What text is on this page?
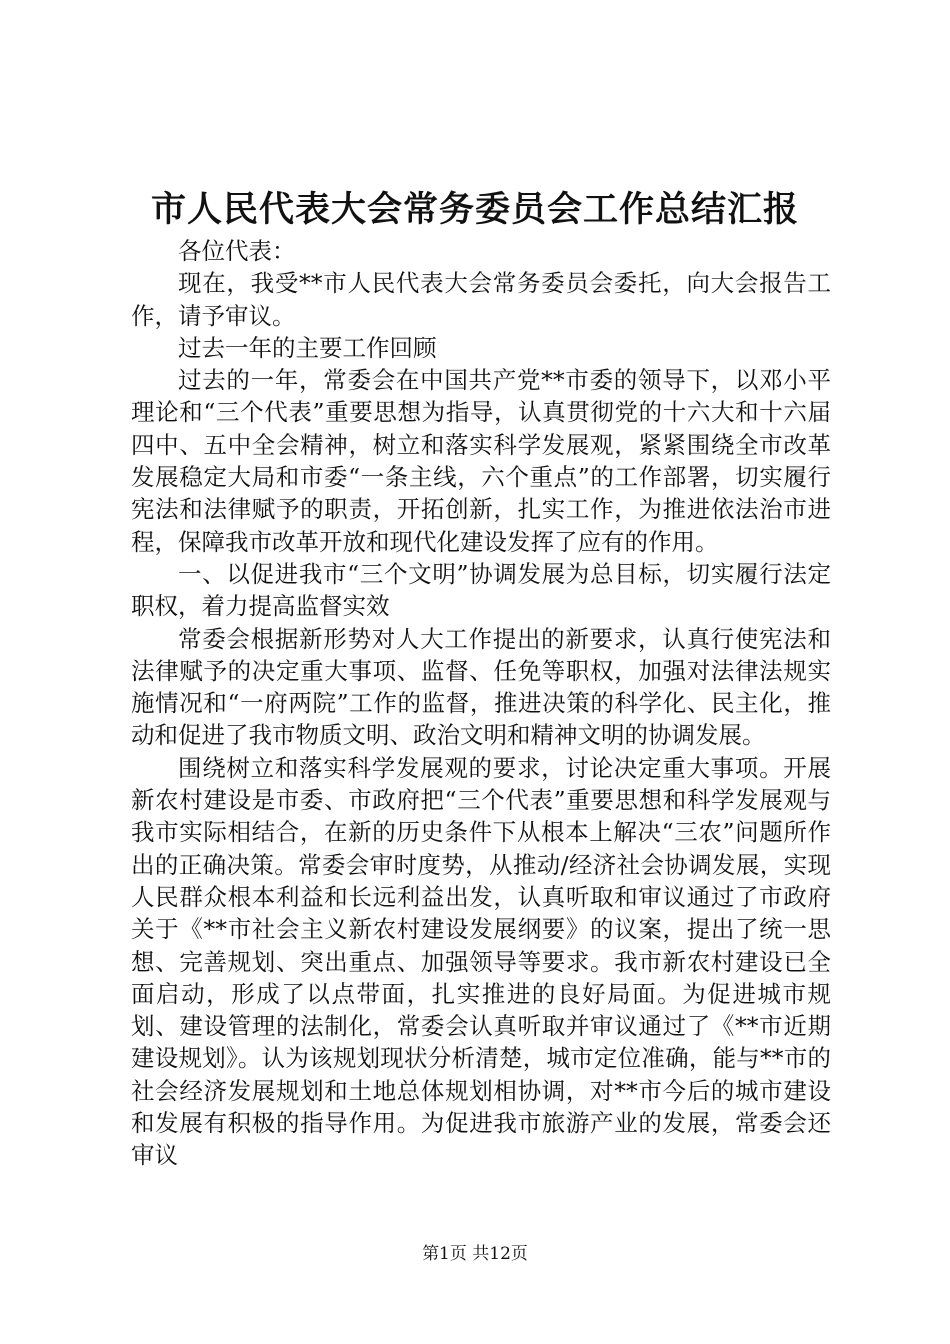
市人民代表大会常务委员会工作总结汇报

各位代表：

现在，我受**市人民代表大会常务委员会委托，向大会报告工作，请予审议。

过去一年的主要工作回顾

过去的一年，常委会在中国共产党**市委的领导下，以邓小平理论和“三个代表”重要思想为指导，认真贯彻党的十六大和十六届四中、五中全会精神，树立和落实科学发展观，紧紧围绕全市改革发展稳定大局和市委“一条主线，六个重点”的工作部署，切实履行宪法和法律赋予的职责，开拓创新，扎实工作，为推进依法治市进程，保障我市改革开放和现代化建设发挥了应有的作用。

一、以促进我市“三个文明”协调发展为总目标，切实履行法定职权，着力提高监督实效

常委会根据新形势对人大工作提出的新要求，认真行使宪法和法律赋予的决定重大事项、监督、任免等职权，加强对法律法规实施情况和“一府两院”工作的监督，推进决策的科学化、民主化，推动和促进了我市物质文明、政治文明和精神文明的协调发展。

围绕树立和落实科学发展观的要求，讨论决定重大事项。开展新农村建设是市委、市政府把“三个代表”重要思想和科学发展观与我市实际相结合，在新的历史条件下从根本上解决“三农”问题所作出的正确决策。常委会审时度势，从推动/经济社会协调发展，实现人民群众根本利益和长远利益出发，认真听取和审议通过了市政府关于《**市社会主义新农村建设发展纲要》的议案，提出了统一思想、完善规划、突出重点、加强领导等要求。我市新农村建设已全面启动，形成了以点带面，扎实推进的良好局面。为促进城市规划、建设管理的法制化，常委会认真听取并审议通过了《**市近期建设规划》。认为该规划现状分析清楚，城市定位准确，能与**市的社会经济发展规划和土地总体规划相协调，对**市今后的城市建设和发展有积极的指导作用。为促进我市旅游产业的发展，常委会还审议

第1页 共12页
